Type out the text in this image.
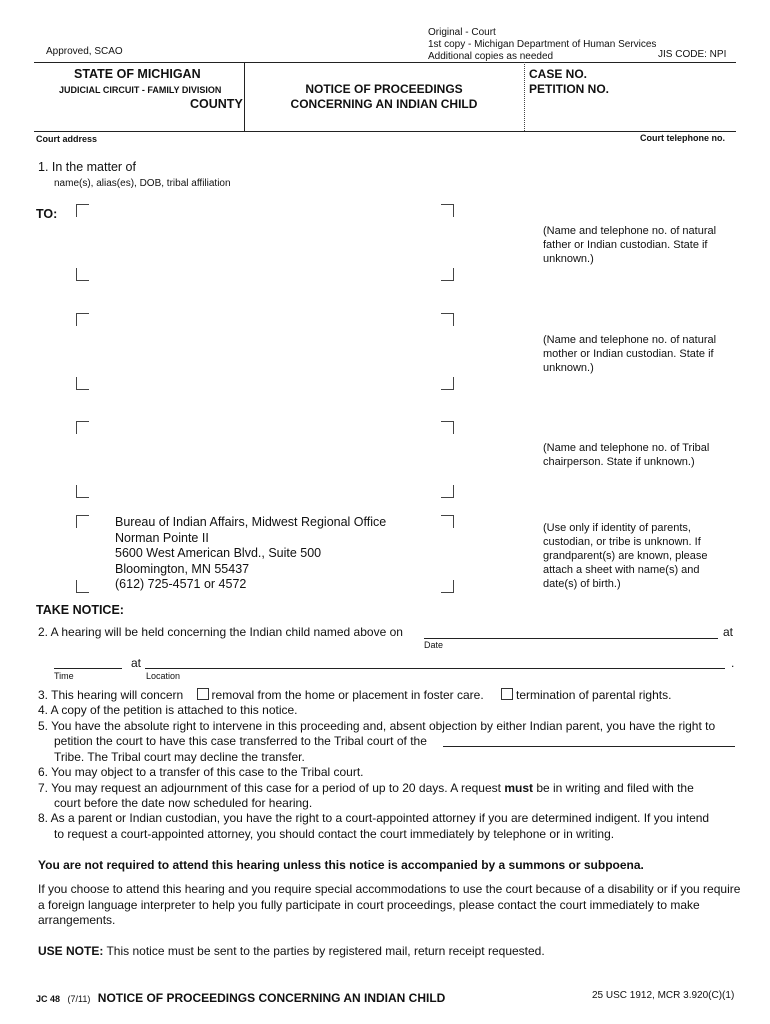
Original - Court
1st copy - Michigan Department of Human Services
Additional copies as needed
Approved, SCAO	JIS CODE: NPI
STATE OF MICHIGAN
JUDICIAL CIRCUIT - FAMILY DIVISION
COUNTY
NOTICE OF PROCEEDINGS
CONCERNING AN INDIAN CHILD
CASE NO.
PETITION NO.
Court address	Court telephone no.
1. In the matter of
name(s), alias(es), DOB, tribal affiliation
TO:
(Name and telephone no. of natural father or Indian custodian. State if unknown.)
(Name and telephone no. of natural mother or Indian custodian. State if unknown.)
(Name and telephone no. of Tribal chairperson. State if unknown.)
Bureau of Indian Affairs, Midwest Regional Office
Norman Pointe II
5600 West American Blvd., Suite 500
Bloomington, MN 55437
(612) 725-4571 or 4572
(Use only if identity of parents, custodian, or tribe is unknown. If grandparent(s) are known, please attach a sheet with name(s) and date(s) of birth.)
TAKE NOTICE:
2. A hearing will be held concerning the Indian child named above on	at
Date
at	.
Time	Location
3. This hearing will concern removal from the home or placement in foster care.	termination of parental rights.
4. A copy of the petition is attached to this notice.
5. You have the absolute right to intervene in this proceeding and, absent objection by either Indian parent, you have the right to
petition the court to have this case transferred to the Tribal court of the
Tribe. The Tribal court may decline the transfer.
6. You may object to a transfer of this case to the Tribal court.
7. You may request an adjournment of this case for a period of up to 20 days. A request must be in writing and filed with the
court before the date now scheduled for hearing.
8. As a parent or Indian custodian, you have the right to a court-appointed attorney if you are determined indigent. If you intend
to request a court-appointed attorney, you should contact the court immediately by telephone or in writing.
You are not required to attend this hearing unless this notice is accompanied by a summons or subpoena.
If you choose to attend this hearing and you require special accommodations to use the court because of a disability or if you require
a foreign language interpreter to help you fully participate in court proceedings, please contact the court immediately to make
arrangements.
USE NOTE: This notice must be sent to the parties by registered mail, return receipt requested.
JC 48 (7/11) NOTICE OF PROCEEDINGS CONCERNING AN INDIAN CHILD	25 USC 1912, MCR 3.920(C)(1)
